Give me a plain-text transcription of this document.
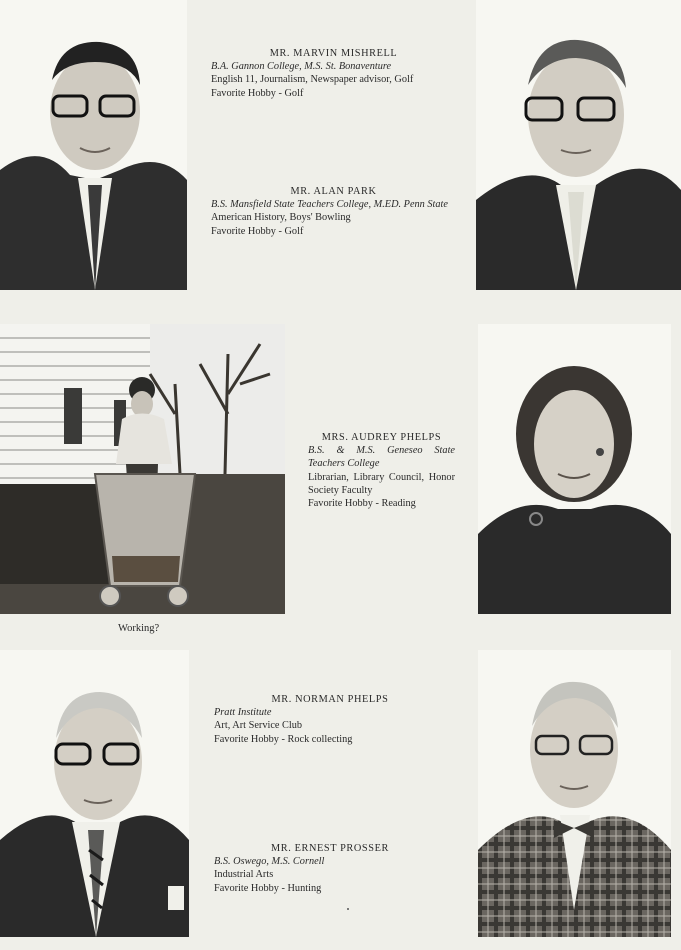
MR. MARVIN MISHRELL
B.A. Gannon College, M.S. St. Bonaventure
English 11, Journalism, Newspaper advisor, Golf
Favorite Hobby - Golf
MR. ALAN PARK
B.S. Mansfield State Teachers College, M.ED. Penn State
American History, Boys' Bowling
Favorite Hobby - Golf
MRS. AUDREY PHELPS
B.S. & M.S. Geneseo State Teachers College
Librarian, Library Council, Honor Society Faculty
Favorite Hobby - Reading
Working?
MR. NORMAN PHELPS
Pratt Institute
Art, Art Service Club
Favorite Hobby - Rock collecting
MR. ERNEST PROSSER
B.S. Oswego, M.S. Cornell
Industrial Arts
Favorite Hobby - Hunting
